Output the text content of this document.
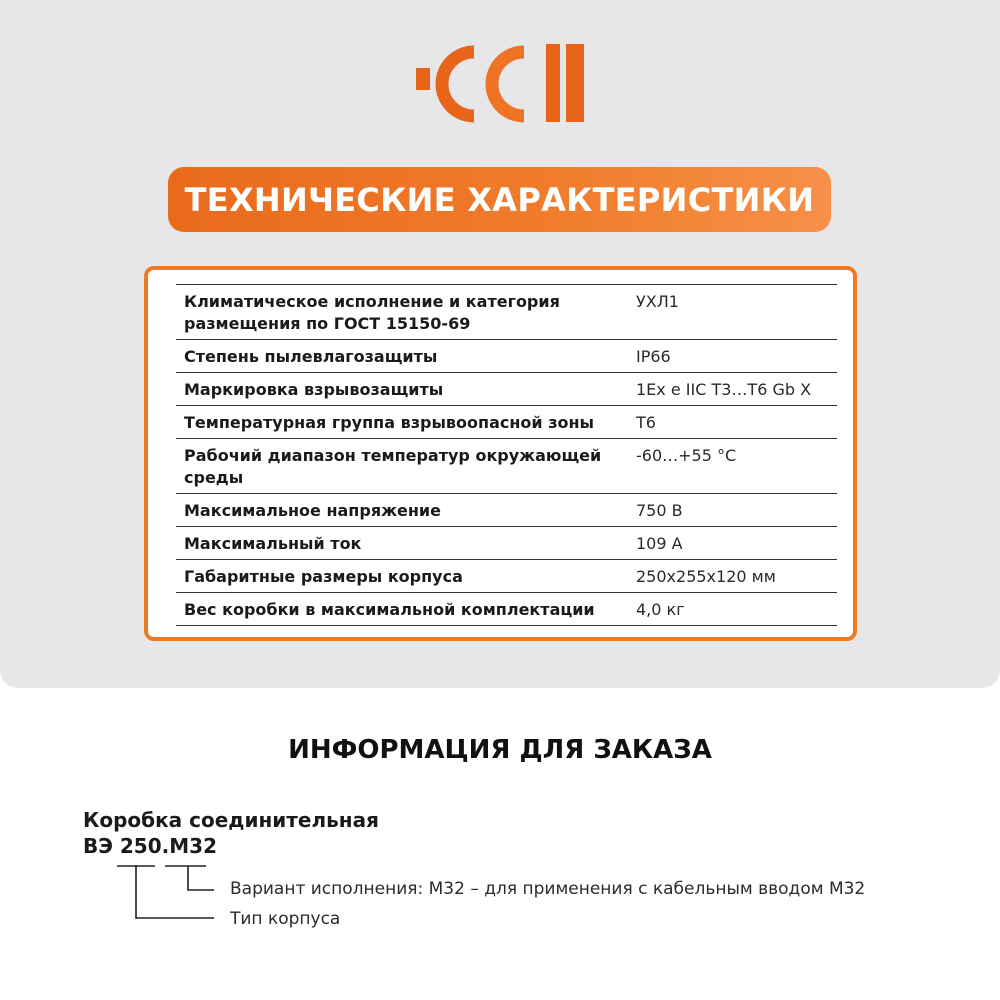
ТЕХНИЧЕСКИЕ ХАРАКТЕРИСТИКИ
Климатическое исполнение и категория размещения по ГОСТ 15150-69	УХЛ1
Степень пылевлагозащиты	IP66
Маркировка взрывозащиты	1Ex e IIC T3…T6 Gb X
Температурная группа взрывоопасной зоны	Т6
Рабочий диапазон температур окружающей среды	-60…+55 °С
Максимальное напряжение	750 В
Максимальный ток	109 А
Габаритные размеры корпуса	250х255х120 мм
Вес коробки в максимальной комплектации	4,0 кг
ИНФОРМАЦИЯ ДЛЯ ЗАКАЗА
Коробка соединительная
ВЭ 250.М32
Вариант исполнения: М32 – для применения с кабельным вводом М32
Тип корпуса
